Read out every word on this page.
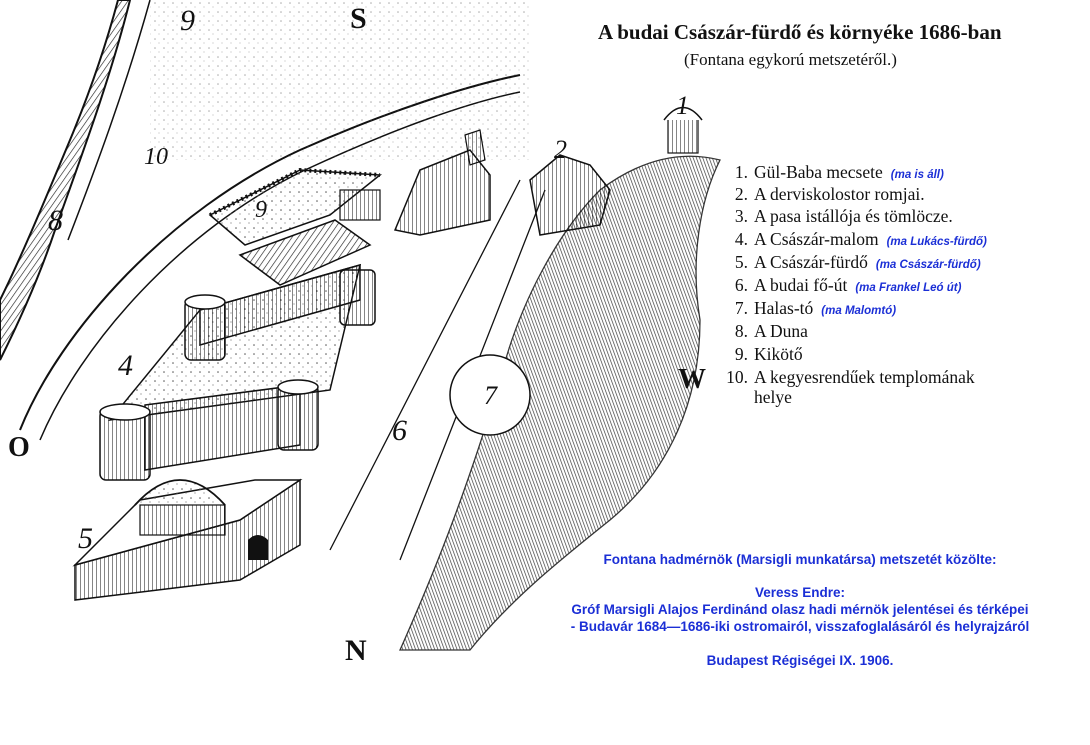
1
2
4
5
6
7
8
9
10
9
A budai Császár-fürdő és környéke 1686-ban
(Fontana egykorú metszetéről.)
S
N
W
O
1. Gül-Baba mecsete (ma is áll)
2. A derviskolostor romjai.
3. A pasa istállója és tömlöcze.
4. A Császár-malom (ma Lukács-fürdő)
5. A Császár-fürdő (ma Császár-fürdő)
6. A budai fő-út (ma Frankel Leó út)
7. Halas-tó (ma Malomtó)
8. A Duna
9. Kikötő
10. A kegyesrendűek templomának
helye
Fontana hadmérnök (Marsigli munkatársa) metszetét közölte:
Veress Endre:
Gróf Marsigli Alajos Ferdinánd olasz hadi mérnök jelentései és térképei
- Budavár 1684—1686-iki ostromairól, visszafoglalásáról és helyrajzáról
Budapest Régiségei IX. 1906.
